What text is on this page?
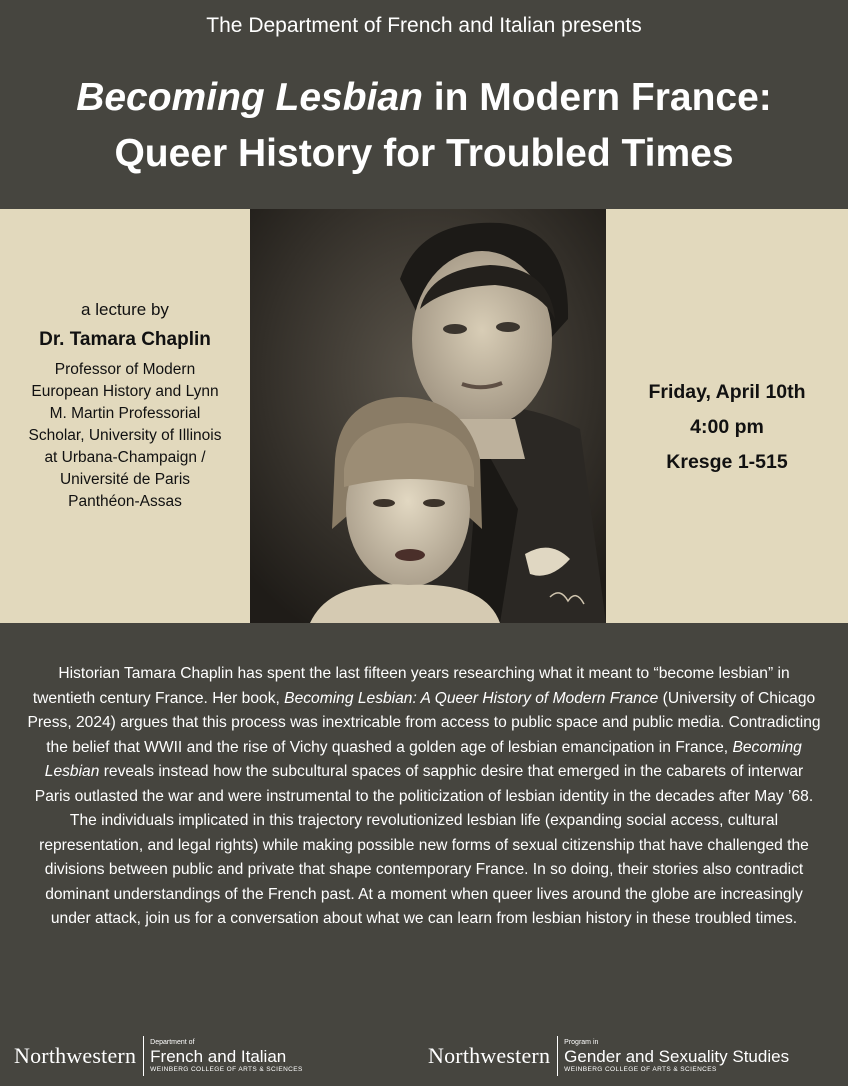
The Department of French and Italian presents
Becoming Lesbian in Modern France:
Queer History for Troubled Times
a lecture by
Dr. Tamara Chaplin
Professor of Modern
European History and Lynn
M. Martin Professorial
Scholar, University of Illinois
at Urbana-Champaign /
Université de Paris
Panthéon-Assas
Friday, April 10th
4:00 pm
Kresge 1-515
Historian Tamara Chaplin has spent the last fifteen years researching what it meant to “become lesbian” in twentieth century France. Her book, Becoming Lesbian: A Queer History of Modern France (University of Chicago Press, 2024) argues that this process was inextricable from access to public space and public media. Contradicting the belief that WWII and the rise of Vichy quashed a golden age of lesbian emancipation in France, Becoming Lesbian reveals instead how the subcultural spaces of sapphic desire that emerged in the cabarets of interwar Paris outlasted the war and were instrumental to the politicization of lesbian identity in the decades after May ’68. The individuals implicated in this trajectory revolutionized lesbian life (expanding social access, cultural representation, and legal rights) while making possible new forms of sexual citizenship that have challenged the divisions between public and private that shape contemporary France. In so doing, their stories also contradict dominant understandings of the French past. At a moment when queer lives around the globe are increasingly under attack, join us for a conversation about what we can learn from lesbian history in these troubled times.
Northwestern
Department of
French and Italian
WEINBERG COLLEGE OF ARTS & SCIENCES
Northwestern
Program in
Gender and Sexuality Studies
WEINBERG COLLEGE OF ARTS & SCIENCES
